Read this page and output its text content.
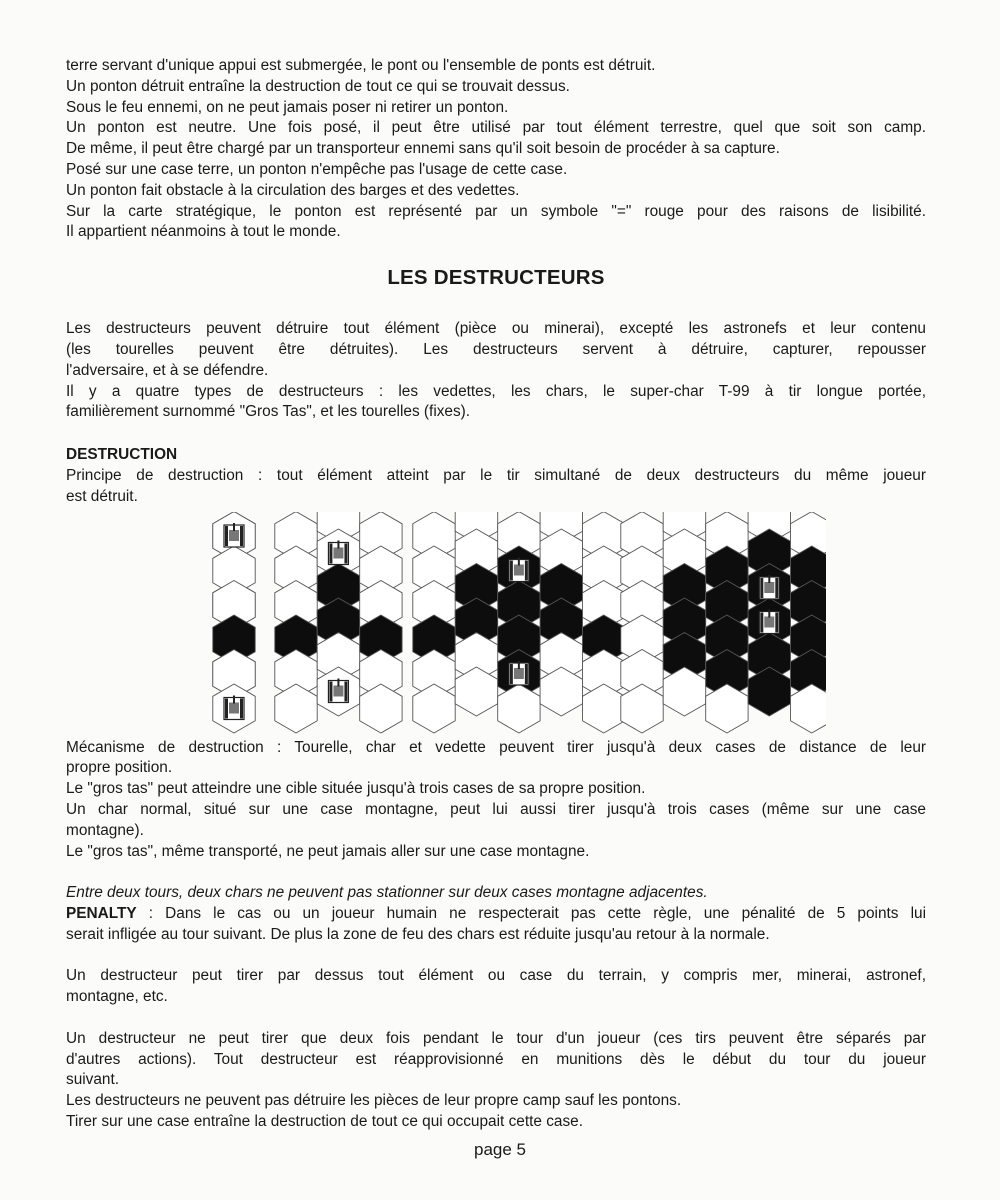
terre servant d'unique appui est submergée, le pont ou l'ensemble de ponts est détruit.
Un ponton détruit entraîne la destruction de tout ce qui se trouvait dessus.
Sous le feu ennemi, on ne peut jamais poser ni retirer un ponton.
Un ponton est neutre. Une fois posé, il peut être utilisé par tout élément terrestre, quel que soit son camp.
De même, il peut être chargé par un transporteur ennemi sans qu'il soit besoin de procéder à sa capture.
Posé sur une case terre, un ponton n'empêche pas l'usage de cette case.
Un ponton fait obstacle à la circulation des barges et des vedettes.
Sur la carte stratégique, le ponton est représenté par un symbole "=" rouge pour des raisons de lisibilité.
Il appartient néanmoins à tout le monde.
LES DESTRUCTEURS
Les destructeurs peuvent détruire tout élément (pièce ou minerai), excepté les astronefs et leur contenu
(les tourelles peuvent être détruites). Les destructeurs servent à détruire, capturer, repousser
l'adversaire, et à se défendre.
Il y a quatre types de destructeurs : les vedettes, les chars, le super-char T-99 à tir longue portée,
familièrement surnommé "Gros Tas", et les tourelles (fixes).
DESTRUCTION
Principe de destruction : tout élément atteint par le tir simultané de deux destructeurs du même joueur
est détruit.
Mécanisme de destruction : Tourelle, char et vedette peuvent tirer jusqu'à deux cases de distance de leur
propre position.
Le "gros tas" peut atteindre une cible située jusqu'à trois cases de sa propre position.
Un char normal, situé sur une case montagne, peut lui aussi tirer jusqu'à trois cases (même sur une case
montagne).
Le "gros tas", même transporté, ne peut jamais aller sur une case montagne.
Entre deux tours, deux chars ne peuvent pas stationner sur deux cases montagne adjacentes.
PENALTY : Dans le cas ou un joueur humain ne respecterait pas cette règle, une pénalité de 5 points lui
serait infligée au tour suivant. De plus la zone de feu des chars est réduite jusqu'au retour à la normale.
Un destructeur peut tirer par dessus tout élément ou case du terrain, y compris mer, minerai, astronef,
montagne, etc.
Un destructeur ne peut tirer que deux fois pendant le tour d'un joueur (ces tirs peuvent être séparés par
d'autres actions). Tout destructeur est réapprovisionné en munitions dès le début du tour du joueur
suivant.
Les destructeurs ne peuvent pas détruire les pièces de leur propre camp sauf les pontons.
Tirer sur une case entraîne la destruction de tout ce qui occupait cette case.
page 5
